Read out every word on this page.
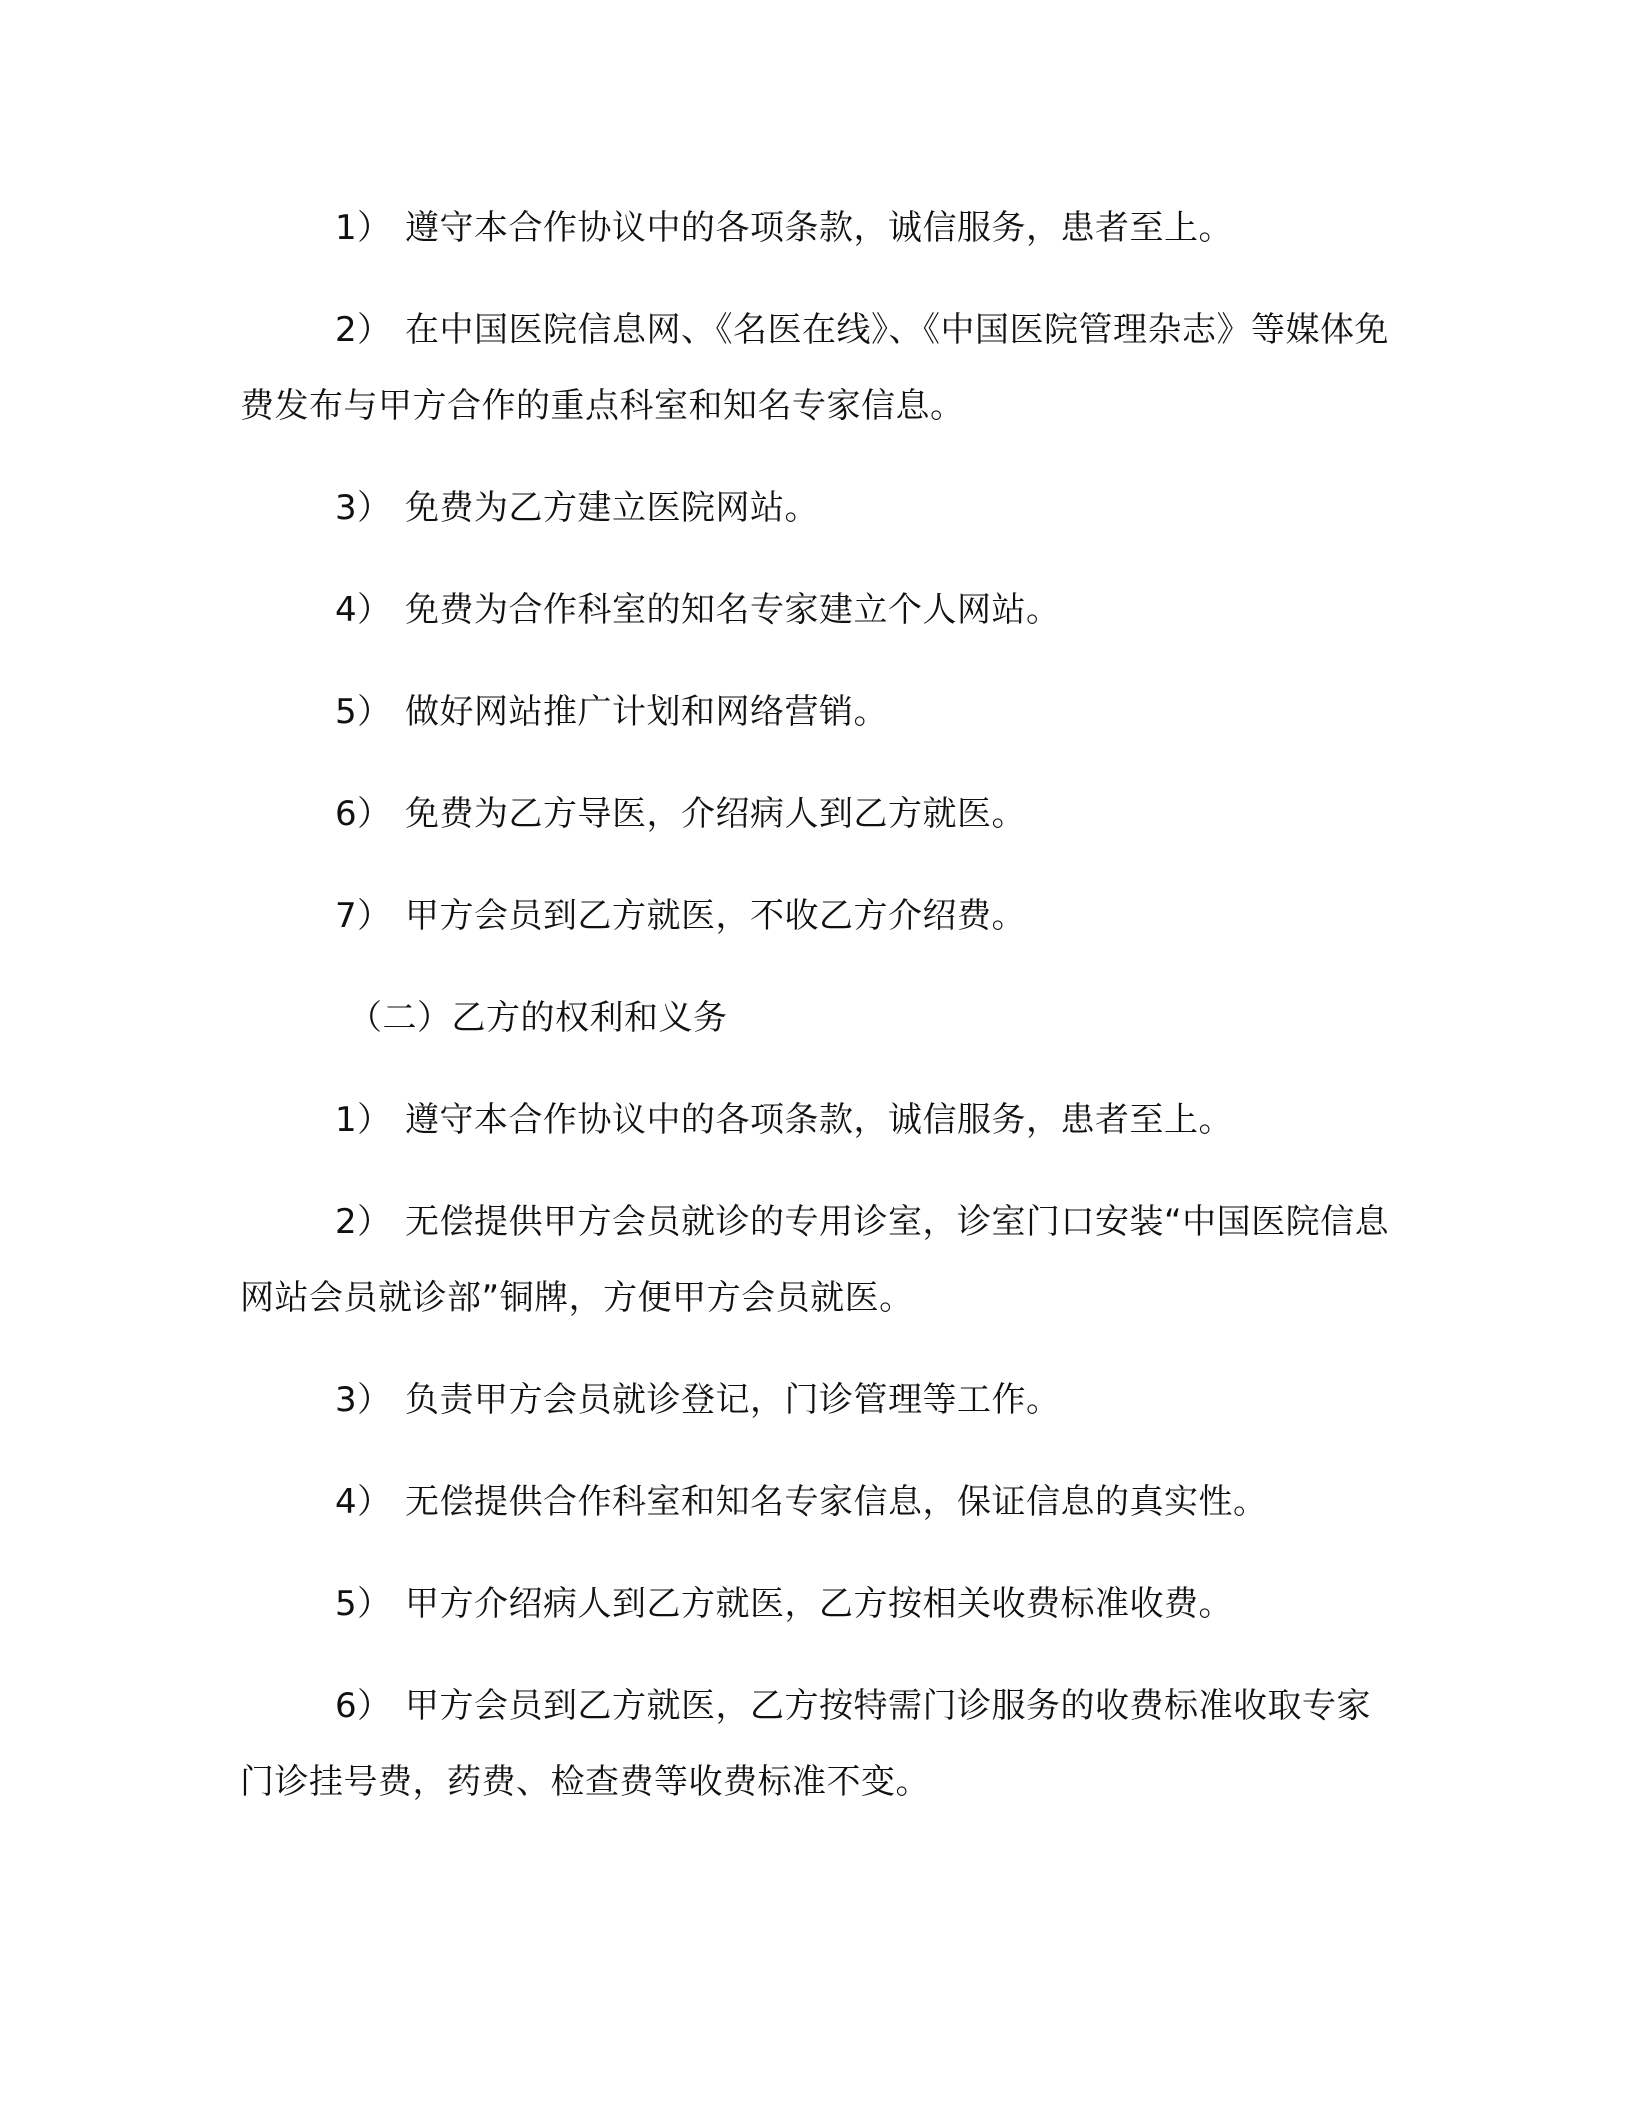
1） 遵守本合作协议中的各项条款，诚信服务，患者至上。

2） 在中国医院信息网、《名医在线》、《中国医院管理杂志》等媒体免费发布与甲方合作的重点科室和知名专家信息。

3） 免费为乙方建立医院网站。

4） 免费为合作科室的知名专家建立个人网站。

5） 做好网站推广计划和网络营销。

6） 免费为乙方导医，介绍病人到乙方就医。

7） 甲方会员到乙方就医，不收乙方介绍费。

（二）乙方的权利和义务

1） 遵守本合作协议中的各项条款，诚信服务，患者至上。

2） 无偿提供甲方会员就诊的专用诊室，诊室门口安装“中国医院信息网站会员就诊部”铜牌，方便甲方会员就医。

3） 负责甲方会员就诊登记，门诊管理等工作。

4） 无偿提供合作科室和知名专家信息，保证信息的真实性。

5） 甲方介绍病人到乙方就医，乙方按相关收费标准收费。

6） 甲方会员到乙方就医，乙方按特需门诊服务的收费标准收取专家门诊挂号费，药费、检查费等收费标准不变。
